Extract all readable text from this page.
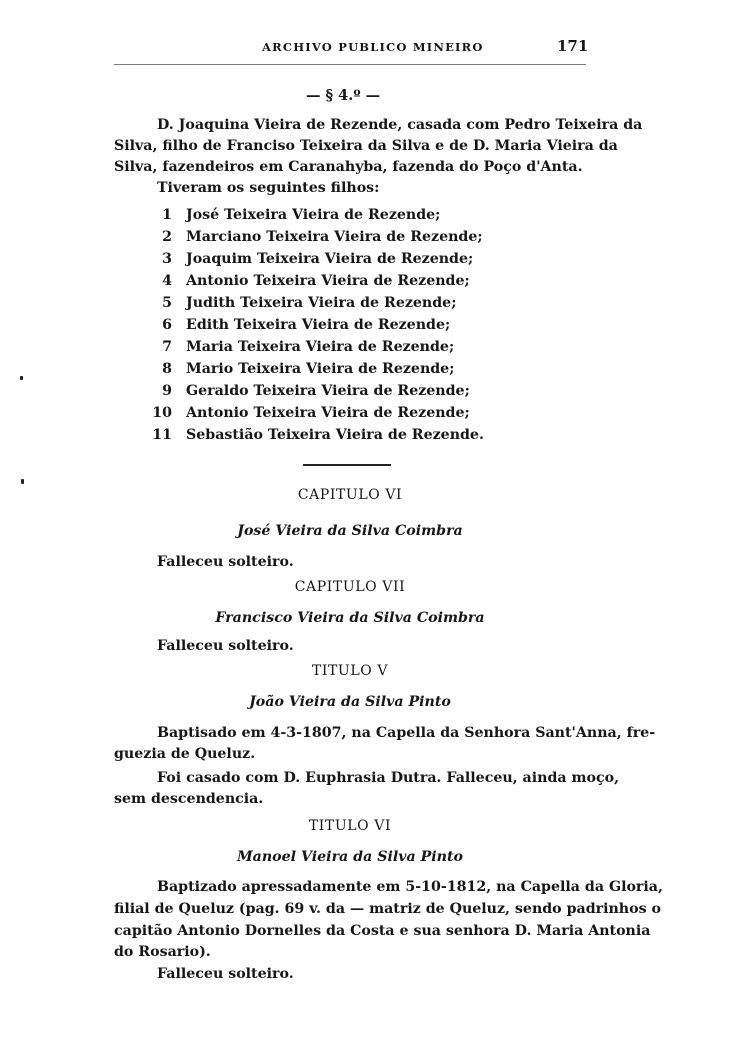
ARCHIVO PUBLICO MINEIRO	171
— § 4.º —
D. Joaquina Vieira de Rezende, casada com Pedro Teixeira da
Silva, filho de Franciso Teixeira da Silva e de D. Maria Vieira da
Silva, fazendeiros em Caranahyba, fazenda do Poço d'Anta.
Tiveram os seguintes filhos:
1 José Teixeira Vieira de Rezende;
2 Marciano Teixeira Vieira de Rezende;
3 Joaquim Teixeira Vieira de Rezende;
4 Antonio Teixeira Vieira de Rezende;
5 Judith Teixeira Vieira de Rezende;
6 Edith Teixeira Vieira de Rezende;
7 Maria Teixeira Vieira de Rezende;
8 Mario Teixeira Vieira de Rezende;
9 Geraldo Teixeira Vieira de Rezende;
10 Antonio Teixeira Vieira de Rezende;
11 Sebastião Teixeira Vieira de Rezende.
CAPITULO VI
José Vieira da Silva Coimbra
Falleceu solteiro.
CAPITULO VII
Francisco Vieira da Silva Coimbra
Falleceu solteiro.
TITULO V
João Vieira da Silva Pinto
Baptisado em 4-3-1807, na Capella da Senhora Sant'Anna, fre-
guezia de Queluz.
Foi casado com D. Euphrasia Dutra. Falleceu, ainda moço,
sem descendencia.
TITULO VI
Manoel Vieira da Silva Pinto
Baptizado apressadamente em 5-10-1812, na Capella da Gloria,
filial de Queluz (pag. 69 v. da — matriz de Queluz, sendo padrinhos o
capitão Antonio Dornelles da Costa e sua senhora D. Maria Antonia
do Rosario).
Falleceu solteiro.
